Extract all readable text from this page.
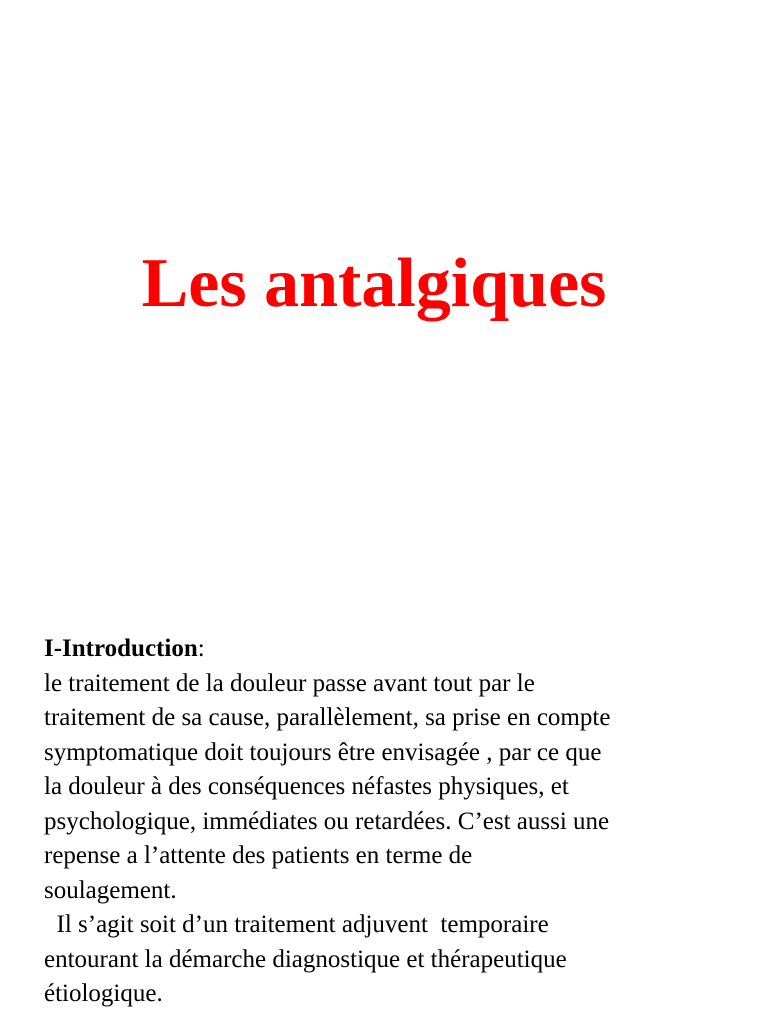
Les antalgiques
I-Introduction:
le traitement de la douleur passe avant tout par le
traitement de sa cause, parallèlement, sa prise en compte
symptomatique doit toujours être envisagée , par ce que
la douleur à des conséquences néfastes physiques, et
psychologique, immédiates ou retardées. C’est aussi une
repense a l’attente des patients en terme de
soulagement.
Il s’agit soit d’un traitement adjuvent  temporaire
entourant la démarche diagnostique et thérapeutique
étiologique.
